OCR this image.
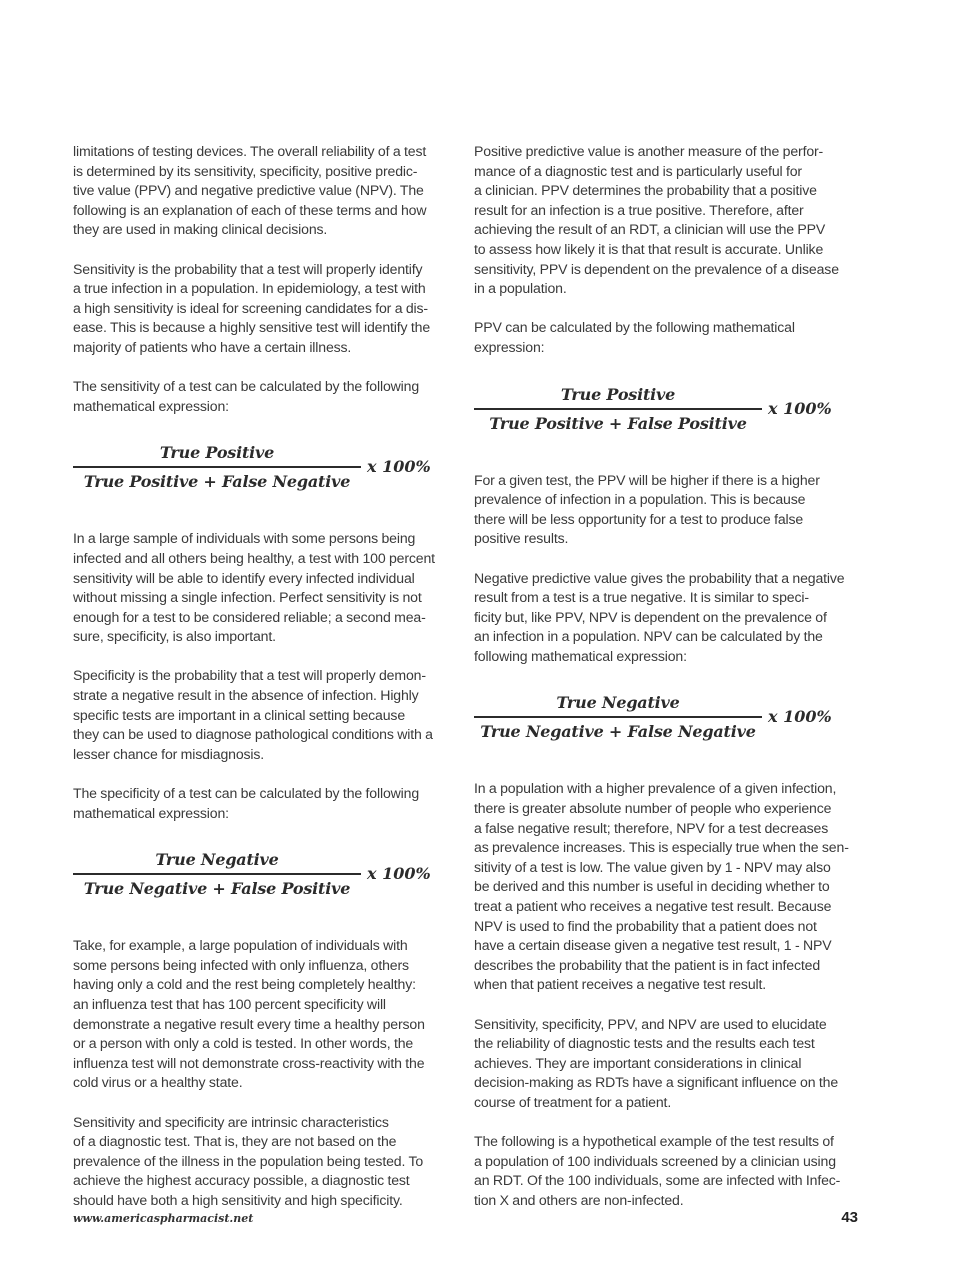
limitations of testing devices. The overall reliability of a test
is determined by its sensitivity, specificity, positive predic-
tive value (PPV) and negative predictive value (NPV). The
following is an explanation of each of these terms and how
they are used in making clinical decisions.

Sensitivity is the probability that a test will properly identify
a true infection in a population. In epidemiology, a test with
a high sensitivity is ideal for screening candidates for a dis-
ease. This is because a highly sensitive test will identify the
majority of patients who have a certain illness.

The sensitivity of a test can be calculated by the following
mathematical expression:

True Positive
True Positive + False Negative
x 100%

In a large sample of individuals with some persons being
infected and all others being healthy, a test with 100 percent
sensitivity will be able to identify every infected individual
without missing a single infection. Perfect sensitivity is not
enough for a test to be considered reliable; a second mea-
sure, specificity, is also important.

Specificity is the probability that a test will properly demon-
strate a negative result in the absence of infection. Highly
specific tests are important in a clinical setting because
they can be used to diagnose pathological conditions with a
lesser chance for misdiagnosis.

The specificity of a test can be calculated by the following
mathematical expression:

True Negative
True Negative + False Positive
x 100%

Take, for example, a large population of individuals with
some persons being infected with only influenza, others
having only a cold and the rest being completely healthy:
an influenza test that has 100 percent specificity will
demonstrate a negative result every time a healthy person
or a person with only a cold is tested. In other words, the
influenza test will not demonstrate cross-reactivity with the
cold virus or a healthy state.

Sensitivity and specificity are intrinsic characteristics
of a diagnostic test. That is, they are not based on the
prevalence of the illness in the population being tested. To
achieve the highest accuracy possible, a diagnostic test
should have both a high sensitivity and high specificity.

Positive predictive value is another measure of the perfor-
mance of a diagnostic test and is particularly useful for
a clinician. PPV determines the probability that a positive
result for an infection is a true positive. Therefore, after
achieving the result of an RDT, a clinician will use the PPV
to assess how likely it is that that result is accurate. Unlike
sensitivity, PPV is dependent on the prevalence of a disease
in a population.

PPV can be calculated by the following mathematical
expression:

True Positive
True Positive + False Positive
x 100%

For a given test, the PPV will be higher if there is a higher
prevalence of infection in a population. This is because
there will be less opportunity for a test to produce false
positive results.

Negative predictive value gives the probability that a negative
result from a test is a true negative. It is similar to speci-
ficity but, like PPV, NPV is dependent on the prevalence of
an infection in a population. NPV can be calculated by the
following mathematical expression:

True Negative
True Negative + False Negative
x 100%

In a population with a higher prevalence of a given infection,
there is greater absolute number of people who experience
a false negative result; therefore, NPV for a test decreases
as prevalence increases. This is especially true when the sen-
sitivity of a test is low. The value given by 1 - NPV may also
be derived and this number is useful in deciding whether to
treat a patient who receives a negative test result. Because
NPV is used to find the probability that a patient does not
have a certain disease given a negative test result, 1 - NPV
describes the probability that the patient is in fact infected
when that patient receives a negative test result.

Sensitivity, specificity, PPV, and NPV are used to elucidate
the reliability of diagnostic tests and the results each test
achieves. They are important considerations in clinical
decision-making as RDTs have a significant influence on the
course of treatment for a patient.

The following is a hypothetical example of the test results of
a population of 100 individuals screened by a clinician using
an RDT. Of the 100 individuals, some are infected with Infec-
tion X and others are non-infected.

www.americaspharmacist.net	43
